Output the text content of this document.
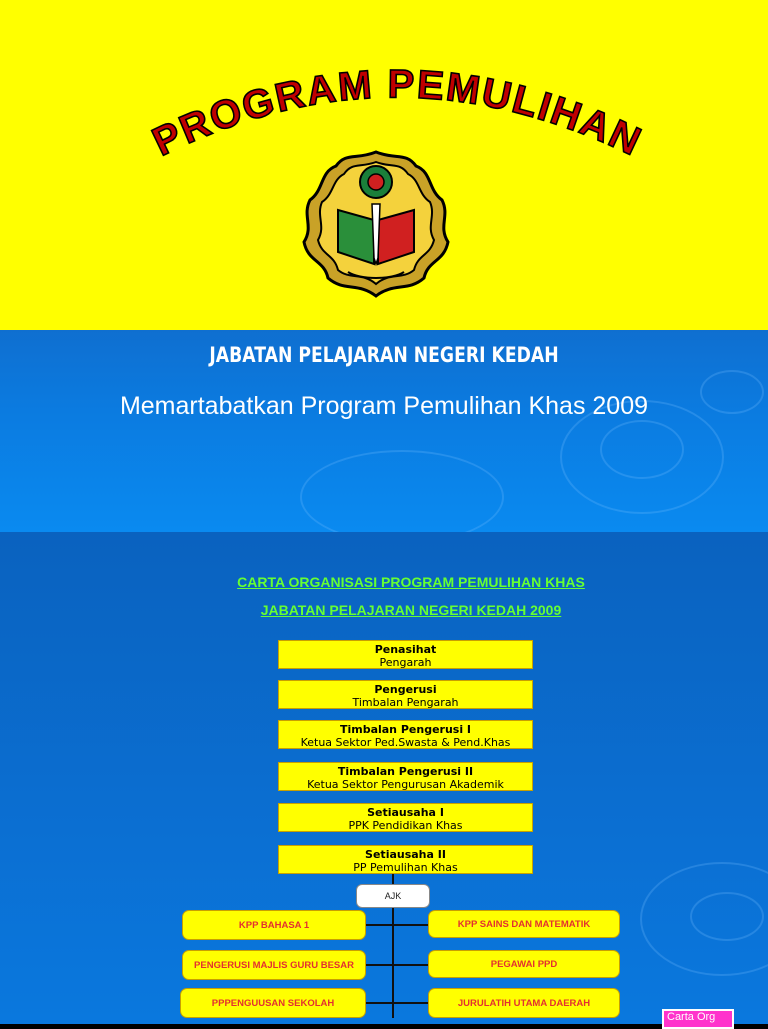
PROGRAM PEMULIHAN
JABATAN PELAJARAN NEGERI KEDAH
Memartabatkan Program Pemulihan Khas 2009
CARTA ORGANISASI PROGRAM PEMULIHAN KHAS
JABATAN PELAJARAN NEGERI KEDAH 2009
Penasihat
Pengarah
Pengerusi
Timbalan Pengarah
Timbalan Pengerusi I
Ketua Sektor Ped.Swasta & Pend.Khas
Timbalan Pengerusi II
Ketua Sektor Pengurusan Akademik
Setiausaha I
PPK Pendidikan Khas
Setiausaha II
PP Pemulihan Khas
AJK
KPP BAHASA 1
PENGERUSI MAJLIS GURU BESAR
PPPENGUUSAN SEKOLAH
KPP SAINS DAN MATEMATIK
PEGAWAI PPD
JURULATIH UTAMA DAERAH
Carta Org
